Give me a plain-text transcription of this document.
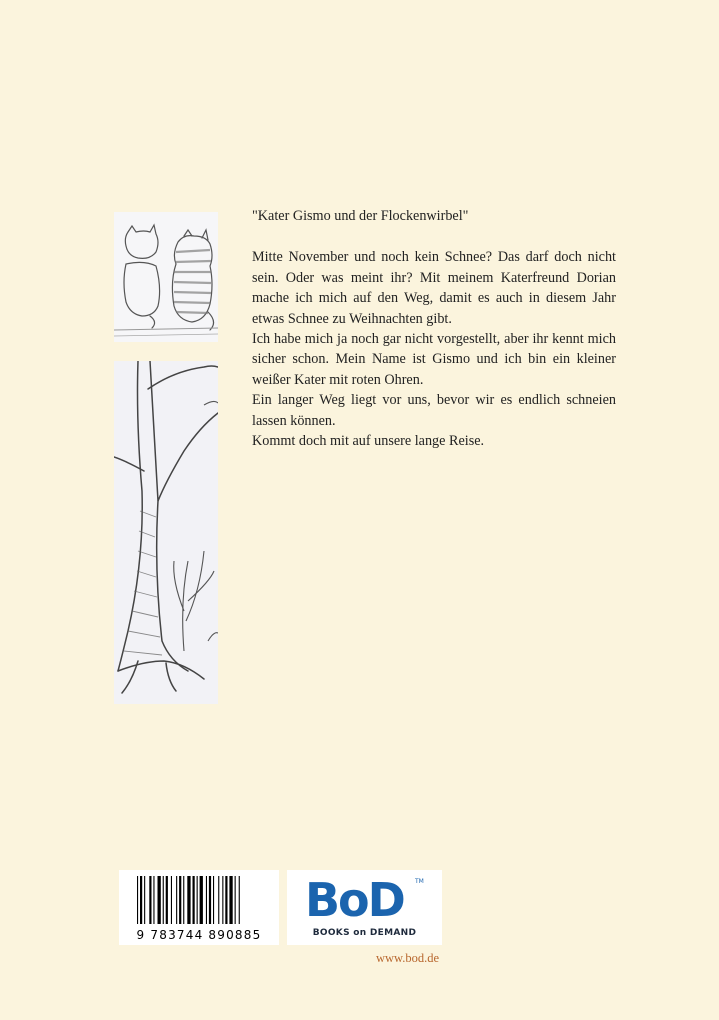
"Kater Gismo und der Flockenwirbel"

Mitte November und noch kein Schnee? Das darf doch nicht sein. Oder was meint ihr? Mit meinem Katerfreund Dorian mache ich mich auf den Weg, damit es auch in diesem Jahr etwas Schnee zu Weihnachten gibt.

Ich habe mich ja noch gar nicht vorgestellt, aber ihr kennt mich sicher schon. Mein Name ist Gismo und ich bin ein kleiner weißer Kater mit roten Ohren.

Ein langer Weg liegt vor uns, bevor wir es endlich schneien lassen können.

Kommt doch mit auf unsere lange Reise.

9 783744 890885
BoD TM
BOOKS on DEMAND
www.bod.de
